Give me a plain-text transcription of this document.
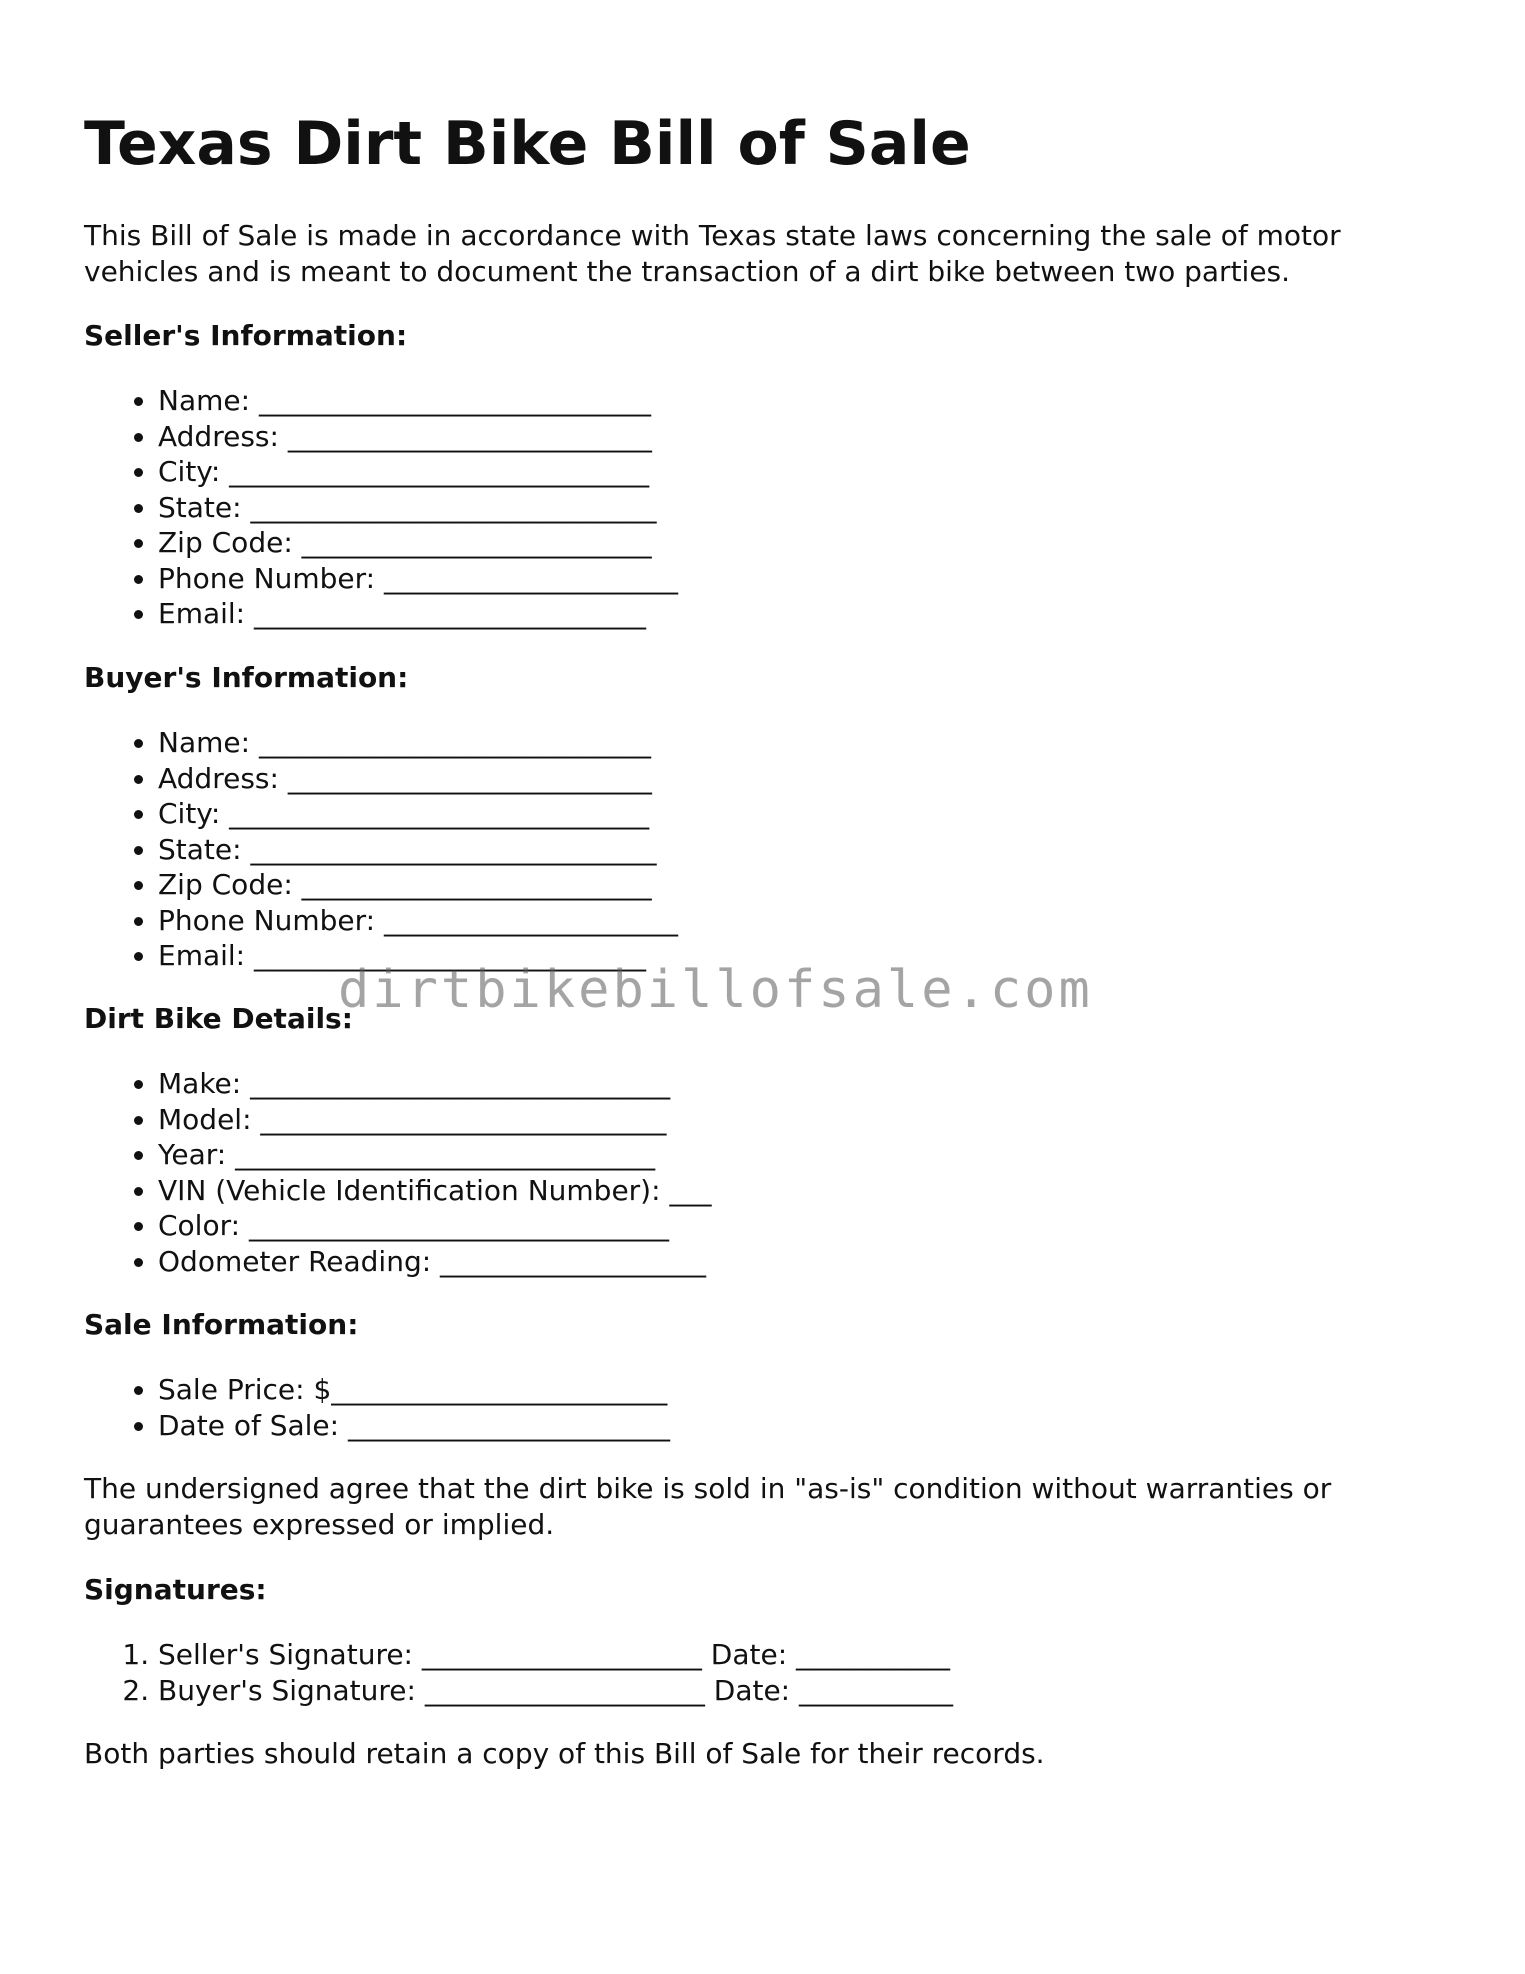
Texas Dirt Bike Bill of Sale

This Bill of Sale is made in accordance with Texas state laws concerning the sale of motor vehicles and is meant to document the transaction of a dirt bike between two parties.

Seller's Information:

• Name: ____________________________
• Address: __________________________
• City: ______________________________
• State: _____________________________
• Zip Code: _________________________
• Phone Number: _____________________
• Email: ____________________________

Buyer's Information:

• Name: ____________________________
• Address: __________________________
• City: ______________________________
• State: _____________________________
• Zip Code: _________________________
• Phone Number: _____________________
• Email: ____________________________

Dirt Bike Details:

• Make: ______________________________
• Model: _____________________________
• Year: ______________________________
• VIN (Vehicle Identification Number): ___
• Color: ______________________________
• Odometer Reading: ___________________

Sale Information:

• Sale Price: $________________________
• Date of Sale: _______________________

The undersigned agree that the dirt bike is sold in "as-is" condition without warranties or guarantees expressed or implied.

Signatures:

1. Seller's Signature: ____________________ Date: ___________
2. Buyer's Signature: ____________________ Date: ___________

Both parties should retain a copy of this Bill of Sale for their records.

dirtbikebillofsale.com
